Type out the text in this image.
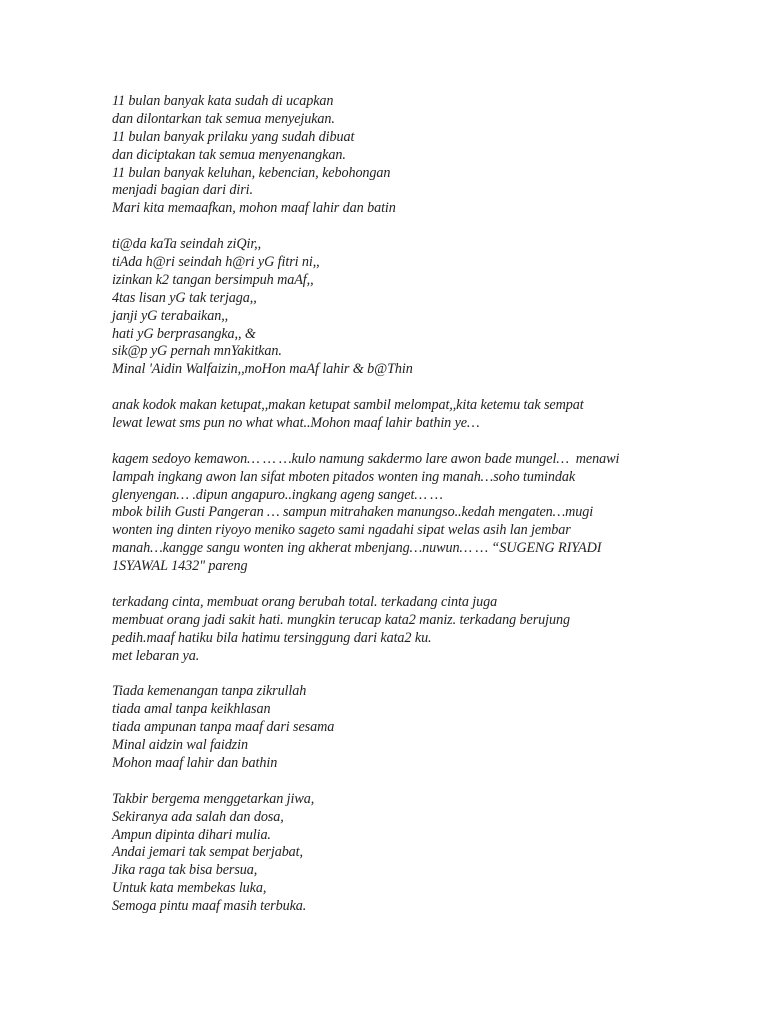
11 bulan banyak kata sudah di ucapkan
dan dilontarkan tak semua menyejukan.
11 bulan banyak prilaku yang sudah dibuat
dan diciptakan tak semua menyenangkan.
11 bulan banyak keluhan, kebencian, kebohongan
menjadi bagian dari diri.
Mari kita memaafkan, mohon maaf lahir dan batin
ti@da kaTa seindah ziQir,,
tiAda h@ri seindah h@ri yG fitri ni,,
izinkan k2 tangan bersimpuh maAf,,
4tas lisan yG tak terjaga,,
janji yG terabaikan,,
hati yG berprasangka,, &
sik@p yG pernah mnYakitkan.
Minal 'Aidin Walfaizin,,moHon maAf lahir & b@Thin
anak kodok makan ketupat,,makan ketupat sambil melompat,,kita ketemu tak sempat
lewat lewat sms pun no what what..Mohon maaf lahir bathin ye…
kagem sedoyo kemawon… … …kulo namung sakdermo lare awon bade mungel…  menawi
lampah ingkang awon lan sifat mboten pitados wonten ing manah…soho tumindak
glenyengan… .dipun angapuro..ingkang ageng sanget… …
mbok bilih Gusti Pangeran … sampun mitrahaken manungso..kedah mengaten…mugi
wonten ing dinten riyoyo meniko sageto sami ngadahi sipat welas asih lan jembar
manah…kangge sangu wonten ing akherat mbenjang…nuwun… … “SUGENG RIYADI
1SYAWAL 1432" pareng
terkadang cinta, membuat orang berubah total. terkadang cinta juga
membuat orang jadi sakit hati. mungkin terucap kata2 maniz. terkadang berujung
pedih.maaf hatiku bila hatimu tersinggung dari kata2 ku.
met lebaran ya.
Tiada kemenangan tanpa zikrullah
tiada amal tanpa keikhlasan
tiada ampunan tanpa maaf dari sesama
Minal aidzin wal faidzin
Mohon maaf lahir dan bathin
Takbir bergema menggetarkan jiwa,
Sekiranya ada salah dan dosa,
Ampun dipinta dihari mulia.
Andai jemari tak sempat berjabat,
Jika raga tak bisa bersua,
Untuk kata membekas luka,
Semoga pintu maaf masih terbuka.
